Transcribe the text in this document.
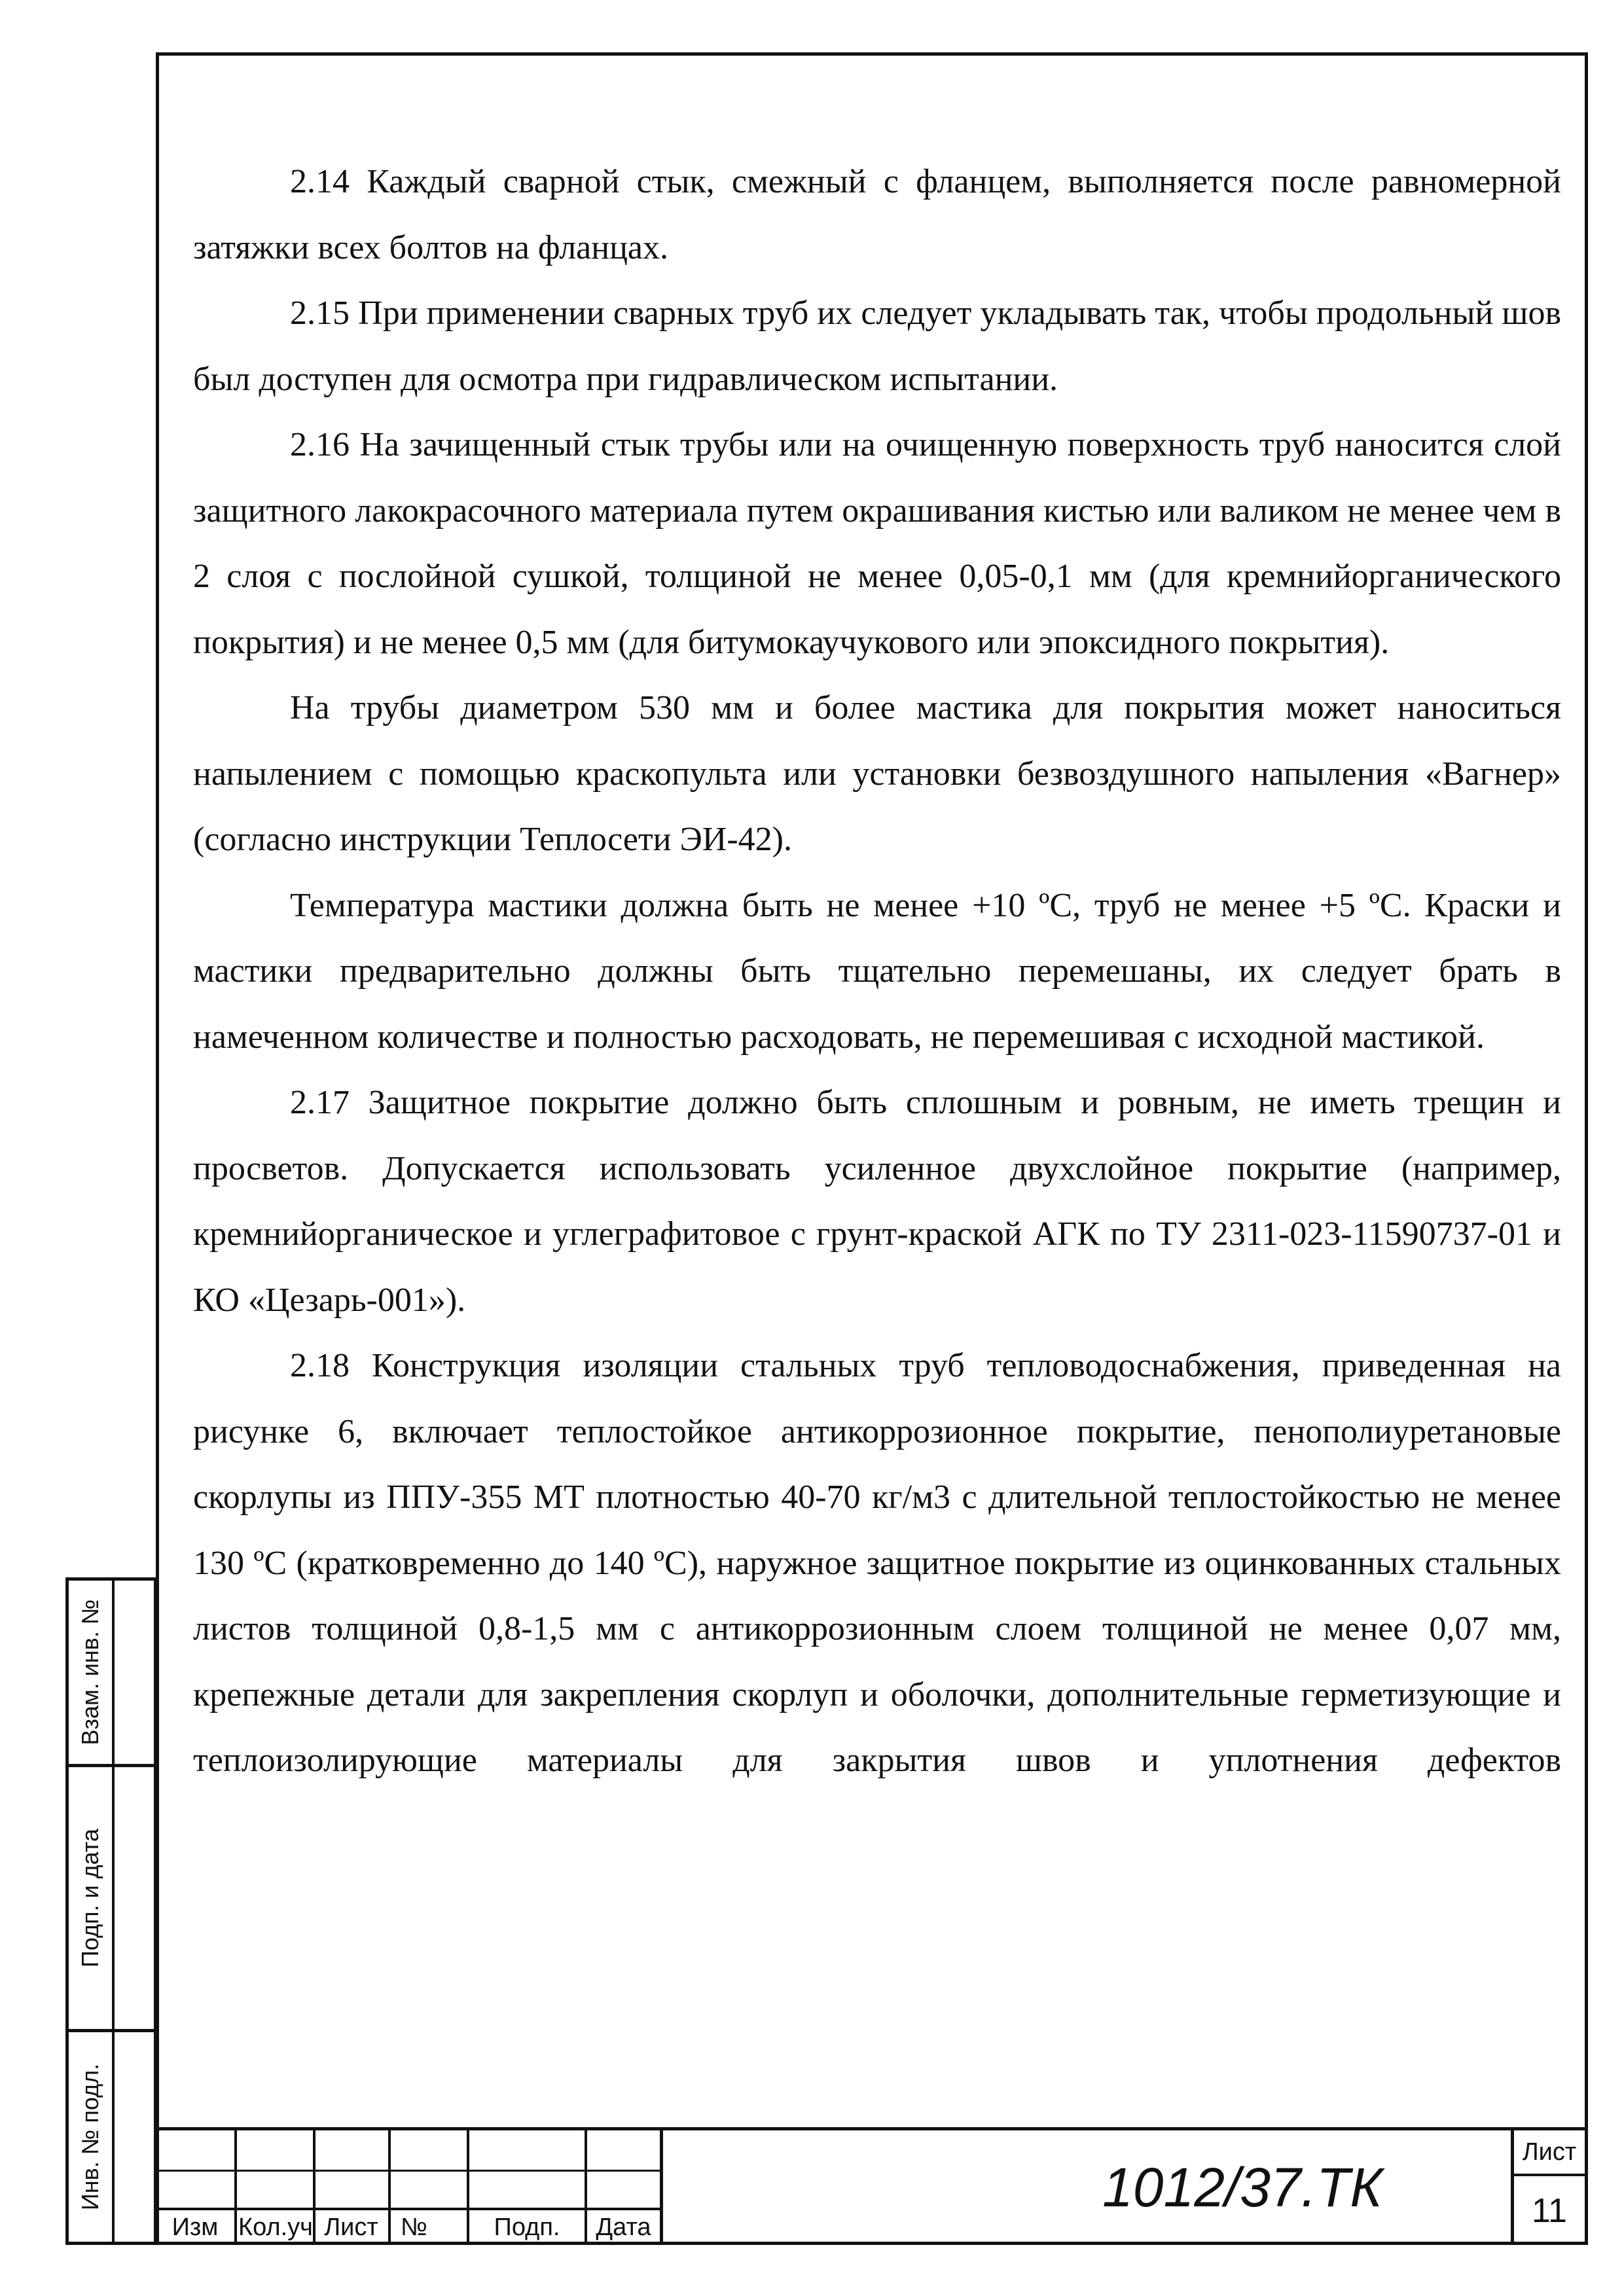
Взам. инв. №
Подп. и дата
Инв. № подл.

2.14 Каждый сварной стык, смежный с фланцем, выполняется после равномерной затяжки всех болтов на фланцах.

2.15 При применении сварных труб их следует укладывать так, чтобы продольный шов был доступен для осмотра при гидравлическом испытании.

2.16 На зачищенный стык трубы или на очищенную поверхность труб наносится слой защитного лакокрасочного материала путем окрашивания кистью или валиком не менее чем в 2 слоя с послойной сушкой, толщиной не менее 0,05-0,1 мм (для кремнийорганического покрытия) и не менее 0,5 мм (для битумокаучукового или эпоксидного покрытия).

На трубы диаметром 530 мм и более мастика для покрытия может наноситься напылением с помощью краскопульта или установки безвоздушного напыления «Вагнер» (согласно инструкции Теплосети ЭИ-42).

Температура мастики должна быть не менее +10 ºС, труб не менее +5 ºС. Краски и мастики предварительно должны быть тщательно перемешаны, их следует брать в намеченном количестве и полностью расходовать, не перемешивая с исходной мастикой.

2.17 Защитное покрытие должно быть сплошным и ровным, не иметь трещин и просветов. Допускается использовать усиленное двухслойное покрытие (например, кремнийорганическое и углеграфитовое с грунт-краской АГК по ТУ 2311-023-11590737-01 и КО «Цезарь-001»).

2.18 Конструкция изоляции стальных труб тепловодоснабжения, приведенная на рисунке 6, включает теплостойкое антикоррозионное покрытие, пенополиуретановые скорлупы из ППУ-355 МТ плотностью 40-70 кг/м3 с длительной теплостойкостью не менее 130 ºС (кратковременно до 140 ºС), наружное защитное покрытие из оцинкованных стальных листов толщиной 0,8-1,5 мм с антикоррозионным слоем толщиной не менее 0,07 мм, крепежные детали для закрепления скорлуп и оболочки, дополнительные герметизующие и теплоизолирующие материалы для закрытия швов и уплотнения дефектов

Изм Кол.уч Лист №	Подп.	Дата
1012/37.ТК
Лист
11
